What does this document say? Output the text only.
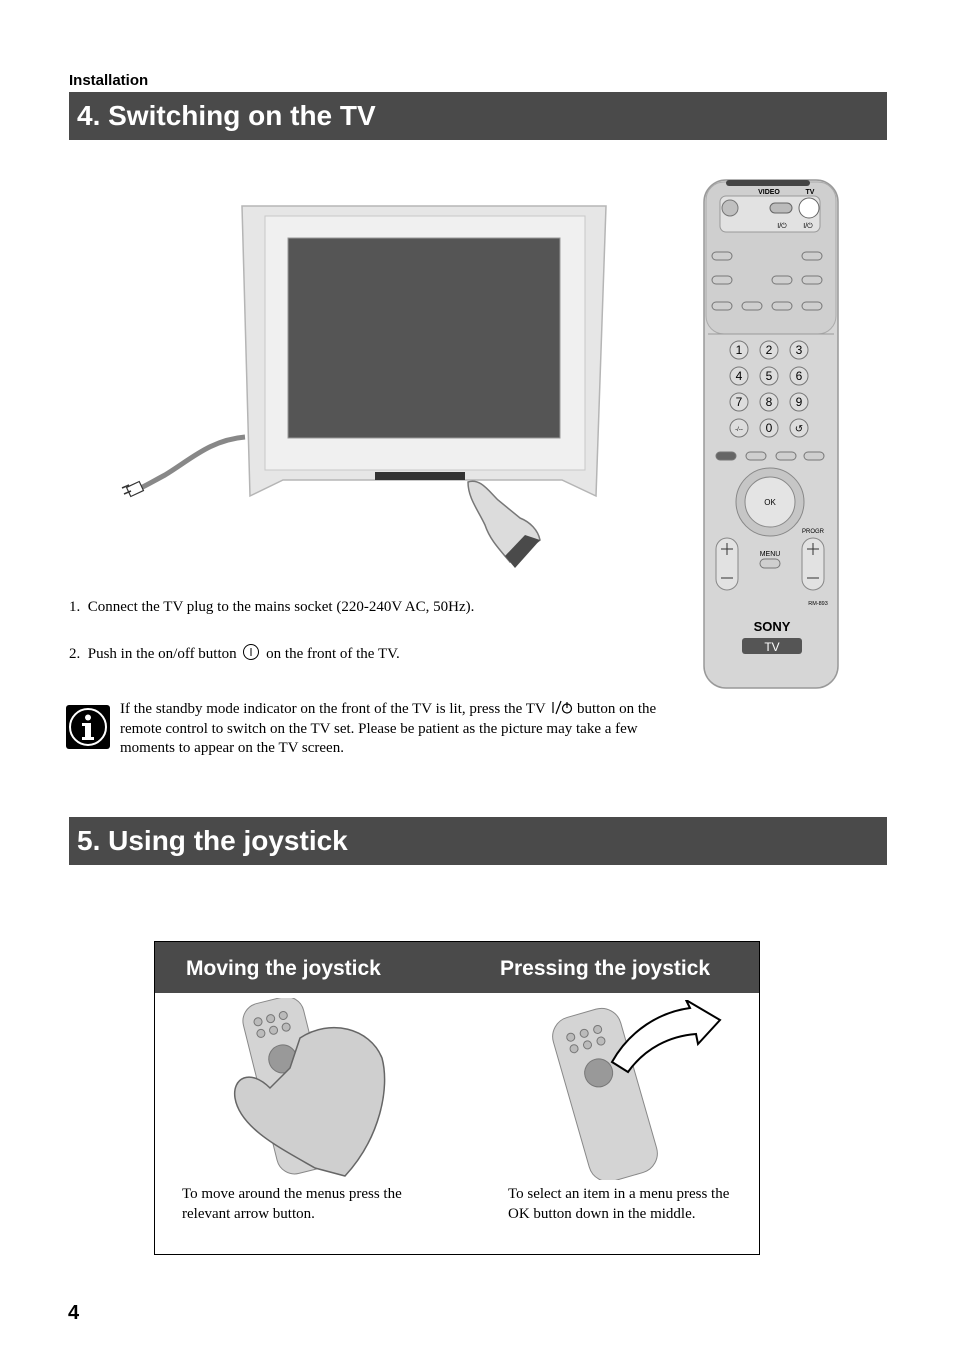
Installation
4. Switching on the TV
1. Connect the TV plug to the mains socket (220-240V AC, 50Hz).
2. Push in the on/off button on the front of the TV.
If the standby mode indicator on the front of the TV is lit, press the TV button on the remote control to switch on the TV set. Please be patient as the picture may take a few moments to appear on the TV screen.
VIDEO	TV
I/⏻ I/⏻
1 2 3
4 5 6
7 8 9
-/-- 0 ↺
OK
PROGR
MENU
RM-893
SONY
TV
5. Using the joystick
Moving the joystick	Pressing the joystick
To move around the menus press the relevant arrow button.
To select an item in a menu press the OK button down in the middle.
4
